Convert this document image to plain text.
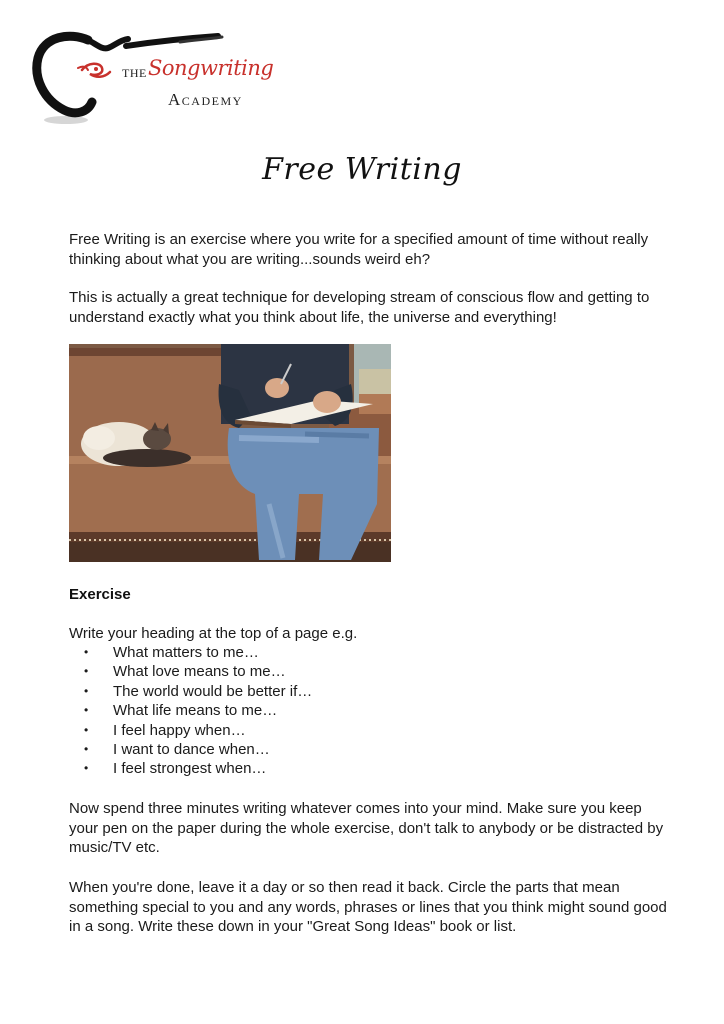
THE Songwriting
Academy
Free Writing

Free Writing is an exercise where you write for a specified amount of time without really thinking about what you are writing...sounds weird eh?

This is actually a great technique for developing stream of conscious flow and getting to understand exactly what you think about life, the universe and everything!

Exercise
Write your heading at the top of a page e.g.
• What matters to me…
• What love means to me…
• The world would be better if…
• What life means to me…
• I feel happy when…
• I want to dance when…
• I feel strongest when…

Now spend three minutes writing whatever comes into your mind. Make sure you keep your pen on the paper during the whole exercise, don't talk to anybody or be distracted by music/TV etc.

When you're done, leave it a day or so then read it back. Circle the parts that mean something special to you and any words, phrases or lines that you think might sound good in a song. Write these down in your "Great Song Ideas" book or list.
